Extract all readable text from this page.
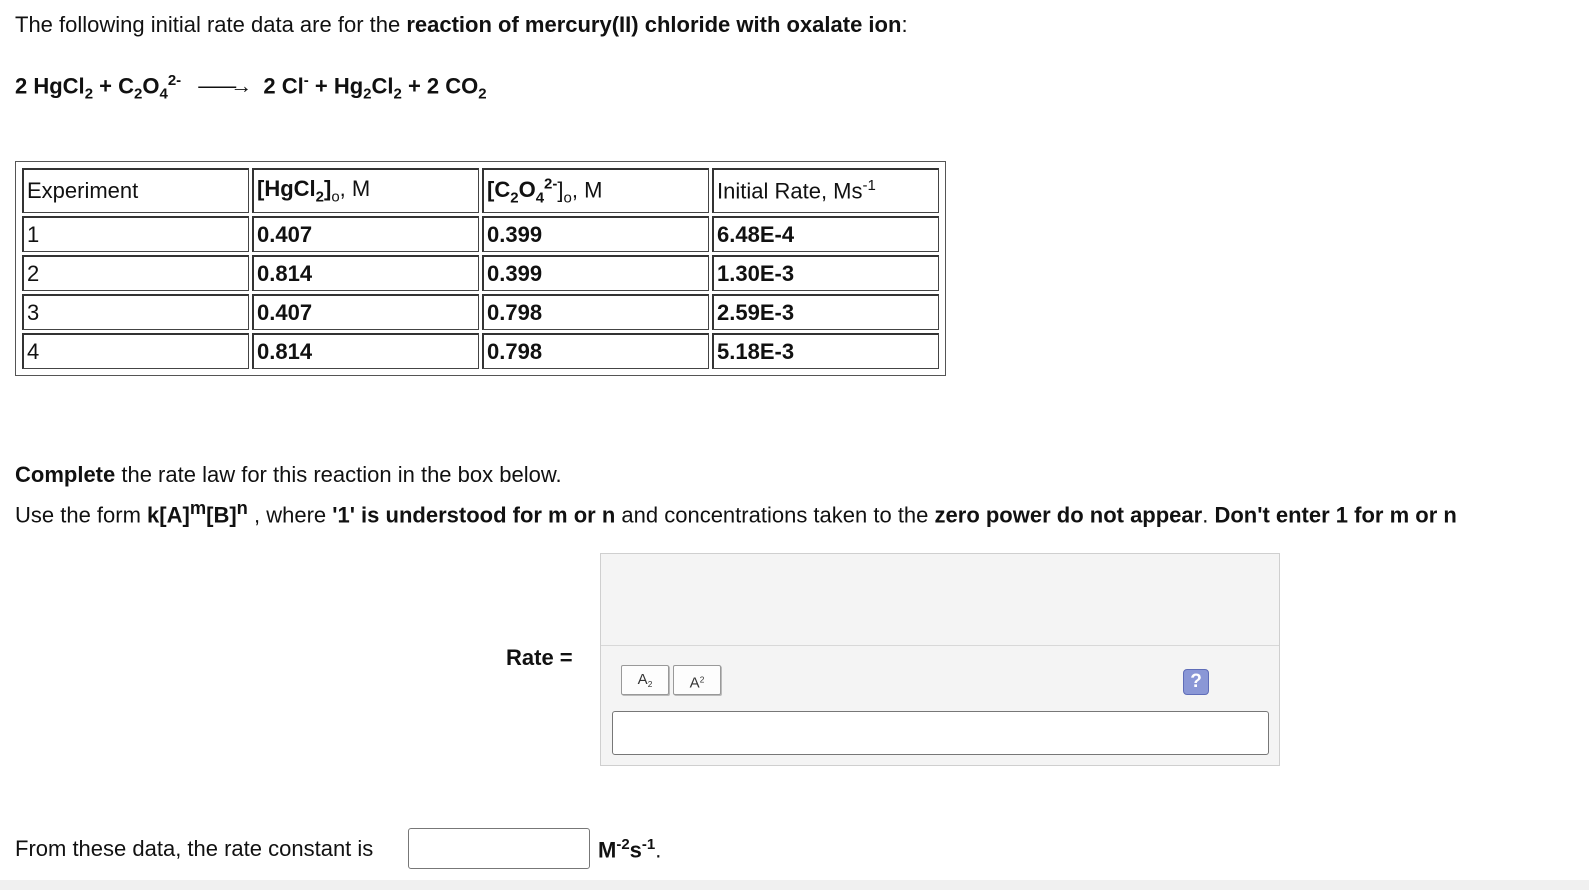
The following initial rate data are for the reaction of mercury(II) chloride with oxalate ion:
2 HgCl$_2$ + $C_2O_4^{2-}$ ——→ 2 $Cl^- + Hg_2Cl_2 + 2$ $CO_2$
Experiment	$[HgCl_2]_o$, M	$[C_2O_4^{2-}]_o$, M	Initial Rate, $Ms^{-1}$
1	0.407	0.399	6.48E-4
2	0.814	0.399	1.30E-3
3	0.407	0.798	2.59E-3
4	0.814	0.798	5.18E-3
Complete the rate law for this reaction in the box below.
Use the form $k[A]^m[B]^n$ , where '1' is understood for m or n and concentrations taken to the zero power do not appear. Don't enter 1 for m or n
Rate =
$A_2$	$A^2$	?
From these data, the rate constant is	$M^{-2}s^{-1}$.
